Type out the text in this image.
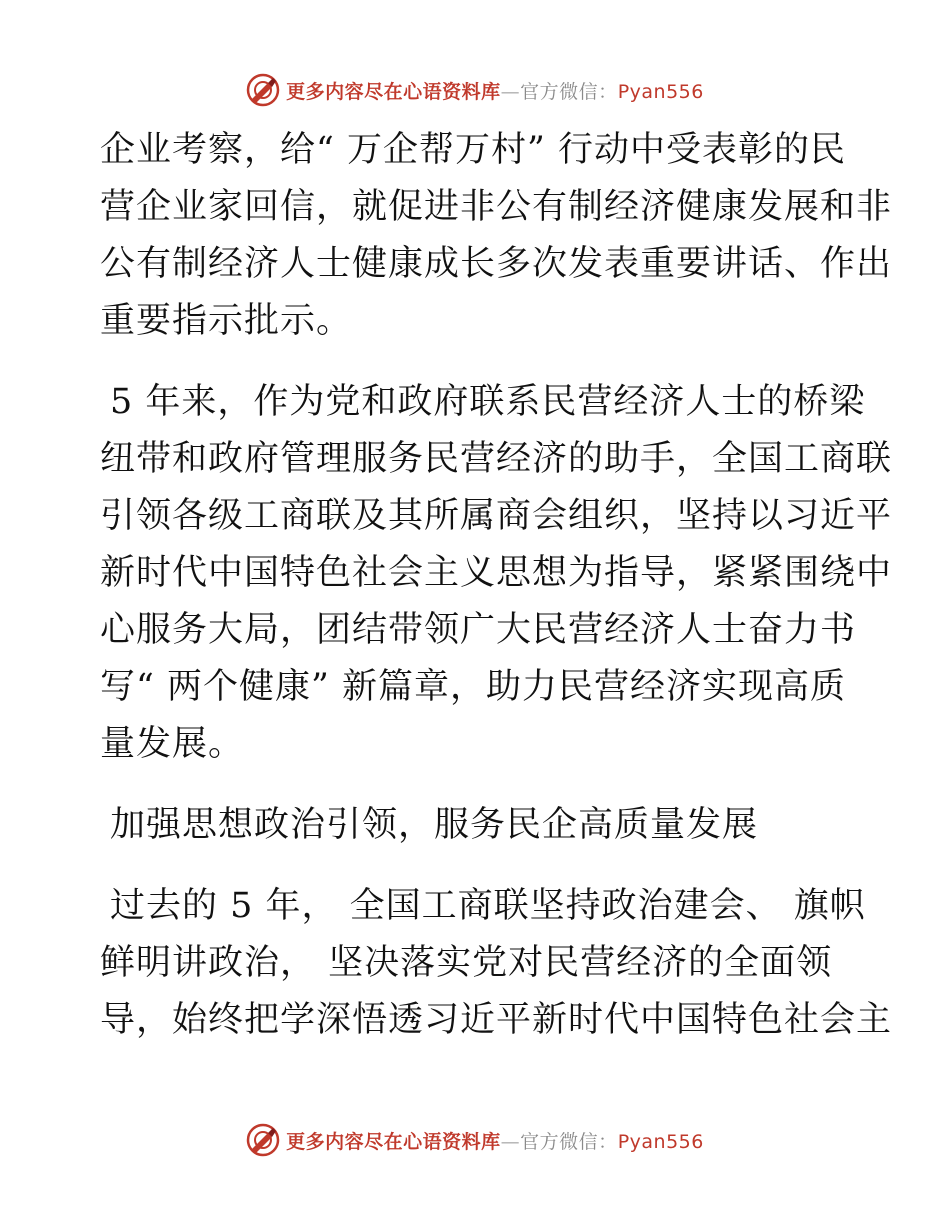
更多内容尽在心语资料库—官方微信：Pyan556
企业考察，给“ 万企帮万村” 行动中受表彰的民
营企业家回信，就促进非公有制经济健康发展和非
公有制经济人士健康成长多次发表重要讲话、作出
重要指示批示。
5 年来，作为党和政府联系民营经济人士的桥梁
纽带和政府管理服务民营经济的助手，全国工商联
引领各级工商联及其所属商会组织，坚持以习近平
新时代中国特色社会主义思想为指导，紧紧围绕中
心服务大局，团结带领广大民营经济人士奋力书
写“ 两个健康” 新篇章，助力民营经济实现高质
量发展。
加强思想政治引领，服务民企高质量发展
过去的 5 年， 全国工商联坚持政治建会、 旗帜
鲜明讲政治， 坚决落实党对民营经济的全面领
导，始终把学深悟透习近平新时代中国特色社会主
更多内容尽在心语资料库—官方微信：Pyan556
